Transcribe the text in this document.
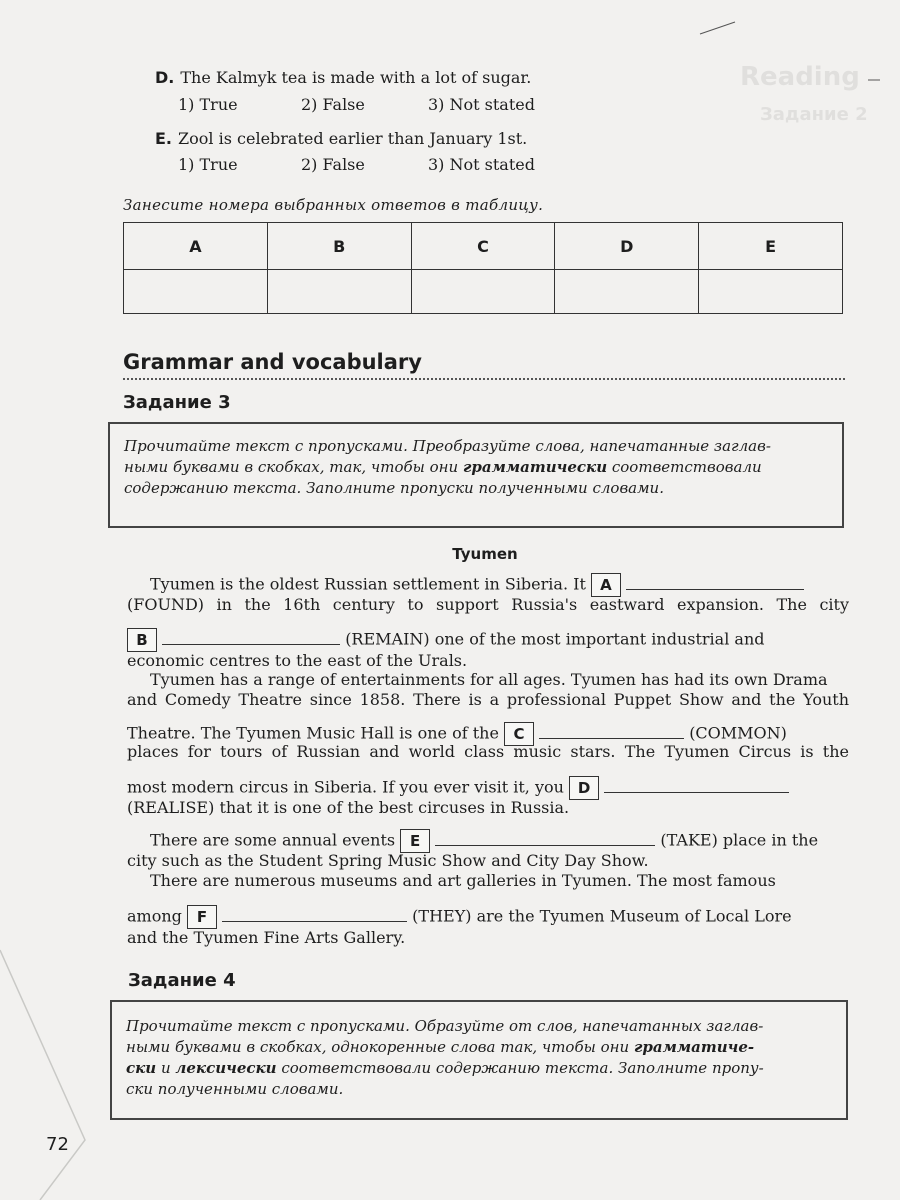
Reading
Задание 2
D. The Kalmyk tea is made with a lot of sugar.
1) True	2) False	3) Not stated
E. Zool is celebrated earlier than January 1st.
1) True	2) False	3) Not stated
Занесите номера выбранных ответов в таблицу.
A	B	C	D	E

Grammar and vocabulary
Задание 3

Прочитайте текст с пропусками. Преобразуйте слова, напечатанные заглав-

ными буквами в скобках, так, чтобы они грамматически соответствовали

содержанию текста. Заполните пропуски полученными словами.

Tyumen
Tyumen is the oldest Russian settlement in Siberia. It A
(FOUND) in the 16th century to support Russia's eastward expansion. The city
B	(REMAIN) one of the most important industrial and
economic centres to the east of the Urals.
Tyumen has a range of entertainments for all ages. Tyumen has had its own Drama
and Comedy Theatre since 1858. There is a professional Puppet Show and the Youth
Theatre. The Tyumen Music Hall is one of the C	(COMMON)
places for tours of Russian and world class music stars. The Tyumen Circus is the
most modern circus in Siberia. If you ever visit it, you D
(REALISE) that it is one of the best circuses in Russia.
There are some annual events E	(TAKE) place in the
city such as the Student Spring Music Show and City Day Show.
There are numerous museums and art galleries in Tyumen. The most famous
among F	(THEY) are the Tyumen Museum of Local Lore
and the Tyumen Fine Arts Gallery.
Задание 4

Прочитайте текст с пропусками. Образуйте от слов, напечатанных заглав-

ными буквами в скобках, однокоренные слова так, чтобы они грамматиче-

ски и лексически соответствовали содержанию текста. Заполните пропу-

ски полученными словами.

72
